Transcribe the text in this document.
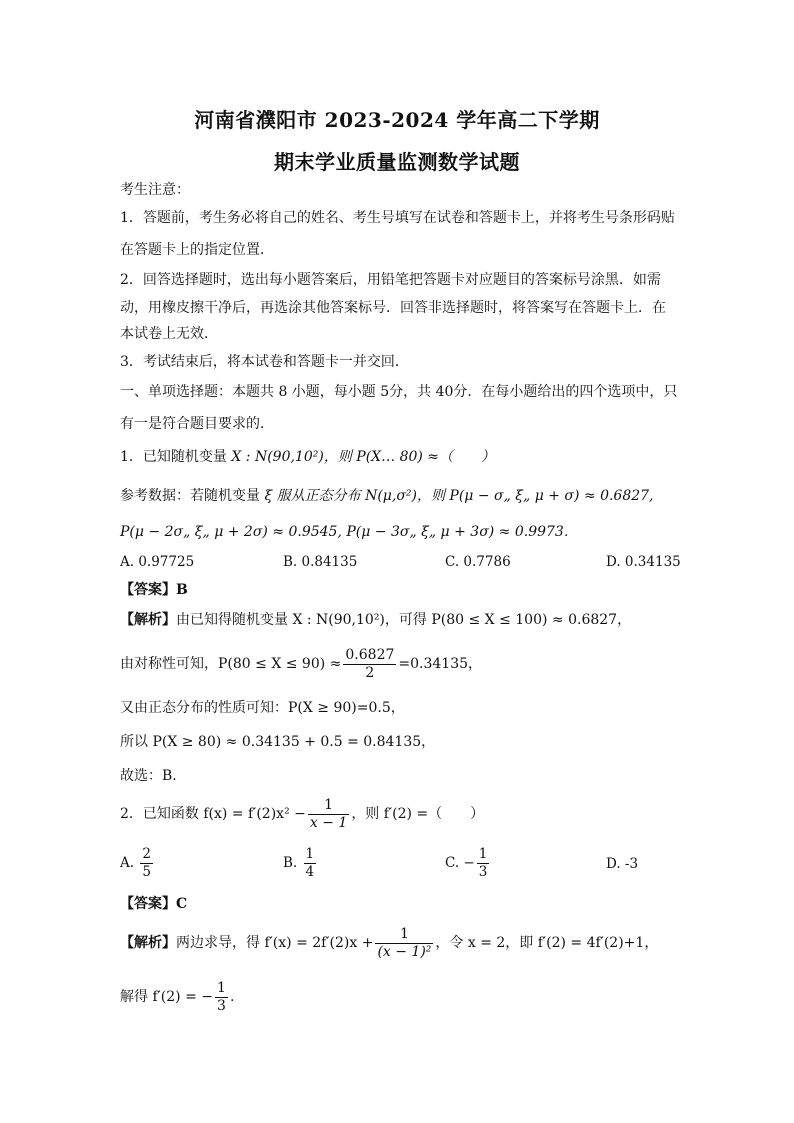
河南省濮阳市 2023-2024 学年高二下学期
期末学业质量监测数学试题
考生注意：
1．答题前，考生务必将自己的姓名、考生号填写在试卷和答题卡上，并将考生号条形码贴
在答题卡上的指定位置．
2．回答选择题时，选出每小题答案后，用铅笔把答题卡对应题目的答案标号涂黑．如需
动，用橡皮擦干净后，再选涂其他答案标号．回答非选择题时，将答案写在答题卡上．在
本试卷上无效．
3．考试结束后，将本试卷和答题卡一并交回．
一、单项选择题：本题共 8 小题，每小题 5分，共 40分．在每小题给出的四个选项中，只
有一是符合题目要求的．
1．已知随机变量 X : N(90,10²)，则 P(X… 80) ≈（　　）
参考数据：若随机变量 ξ 服从正态分布 N(μ,σ²)，则 P(μ − σ„ ξ„ μ + σ) ≈ 0.6827,
P(μ − 2σ„ ξ„ μ + 2σ) ≈ 0.9545, P(μ − 3σ„ ξ„ μ + 3σ) ≈ 0.9973．
A. 0.97725	B. 0.84135	C. 0.7786	D. 0.34135
【答案】B
【解析】由已知得随机变量 X : N(90,10²)，可得 P(80 ≤ X ≤ 100) ≈ 0.6827，
由对称性可知，$P(80 \le X \le 90) \approx \frac{0.6827}{2} =0.34135$，
又由正态分布的性质可知：P(X ≥ 90)=0.5，
所以 P(X ≥ 80) ≈ 0.34135 + 0.5 = 0.84135，
故选：B.
2．已知函数 $f(x) = f'(2)x^2 - \frac{1}{x - 1}$ ，则 f′(2) =（　　）
A. $\frac{2}{5}$	B. $\frac{1}{4}$	C. − $\frac{1}{3}$	D. -3
【答案】C
【解析】两边求导，得 $f'(x) = 2f'(2)x + \frac{1}{\text{(x − 1)²}}$ ，令 x = 2，即 f′(2) = 4f′(2)+1，
解得 f′(2) = − $\frac{1}{3}$ .
